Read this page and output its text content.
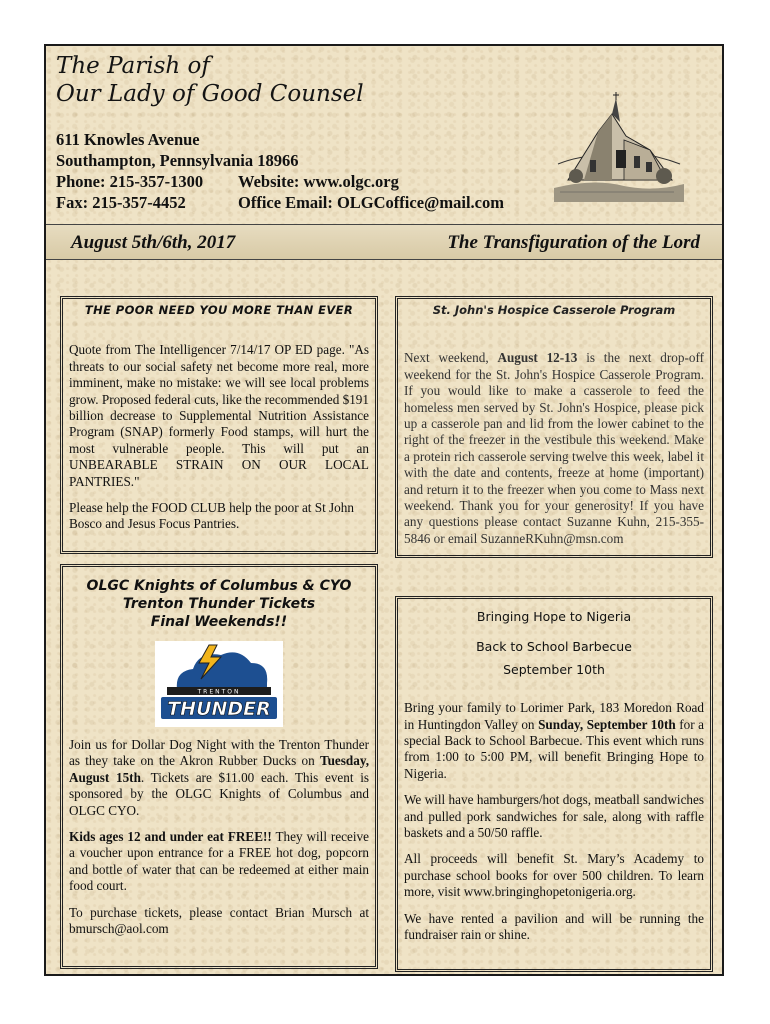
The Parish of
Our Lady of Good Counsel
611 Knowles Avenue
Southampton, Pennsylvania 18966
Phone: 215-357-1300 Website: www.olgc.org
Fax: 215-357-4452	Office Email: OLGCoffice@mail.com
August 5th/6th, 2017	The Transfiguration of the Lord
THE POOR NEED YOU MORE THAN EVER

Quote from The Intelligencer 7/14/17 OP ED page. "As threats to our social safety net become more real, more imminent, make no mistake: we will see local problems grow. Proposed federal cuts, like the recommended $191 billion decrease to Supplemental Nutrition Assistance Program (SNAP) formerly Food stamps, will hurt the most vulnerable people. This will put an UNBEARABLE STRAIN ON OUR LOCAL PANTRIES."

Please help the FOOD CLUB help the poor at St John Bosco and Jesus Focus Pantries.

St. John's Hospice Casserole Program

Next weekend, August 12-13 is the next drop-off weekend for the St. John's Hospice Casserole Program. If you would like to make a casserole to feed the homeless men served by St. John's Hospice, please pick up a casserole pan and lid from the lower cabinet to the right of the freezer in the vestibule this weekend. Make a protein rich casserole serving twelve this week, label it with the date and contents, freeze at home (important) and return it to the freezer when you come to Mass next weekend. Thank you for your generosity! If you have any questions please contact Suzanne Kuhn, 215-355-5846 or email SuzanneRKuhn@msn.com

OLGC Knights of Columbus & CYO
Trenton Thunder Tickets
Final Weekends!!
TRENTON
THUNDER

Join us for Dollar Dog Night with the Trenton Thunder as they take on the Akron Rubber Ducks on Tuesday, August 15th. Tickets are $11.00 each. This event is sponsored by the OLGC Knights of Columbus and OLGC CYO.

Kids ages 12 and under eat FREE!! They will receive a voucher upon entrance for a FREE hot dog, popcorn and bottle of water that can be redeemed at either main food court.

To purchase tickets, please contact Brian Mursch at bmursch@aol.com

Bringing Hope to Nigeria
Back to School Barbecue
September 10th

Bring your family to Lorimer Park, 183 Moredon Road in Huntingdon Valley on Sunday, September 10th for a special Back to School Barbecue. This event which runs from 1:00 to 5:00 PM, will benefit Bringing Hope to Nigeria.

We will have hamburgers/hot dogs, meatball sandwiches and pulled pork sandwiches for sale, along with raffle baskets and a 50/50 raffle.

All proceeds will benefit St. Mary’s Academy to purchase school books for over 500 children. To learn more, visit www.bringinghopetonigeria.org.

We have rented a pavilion and will be running the fundraiser rain or shine.
